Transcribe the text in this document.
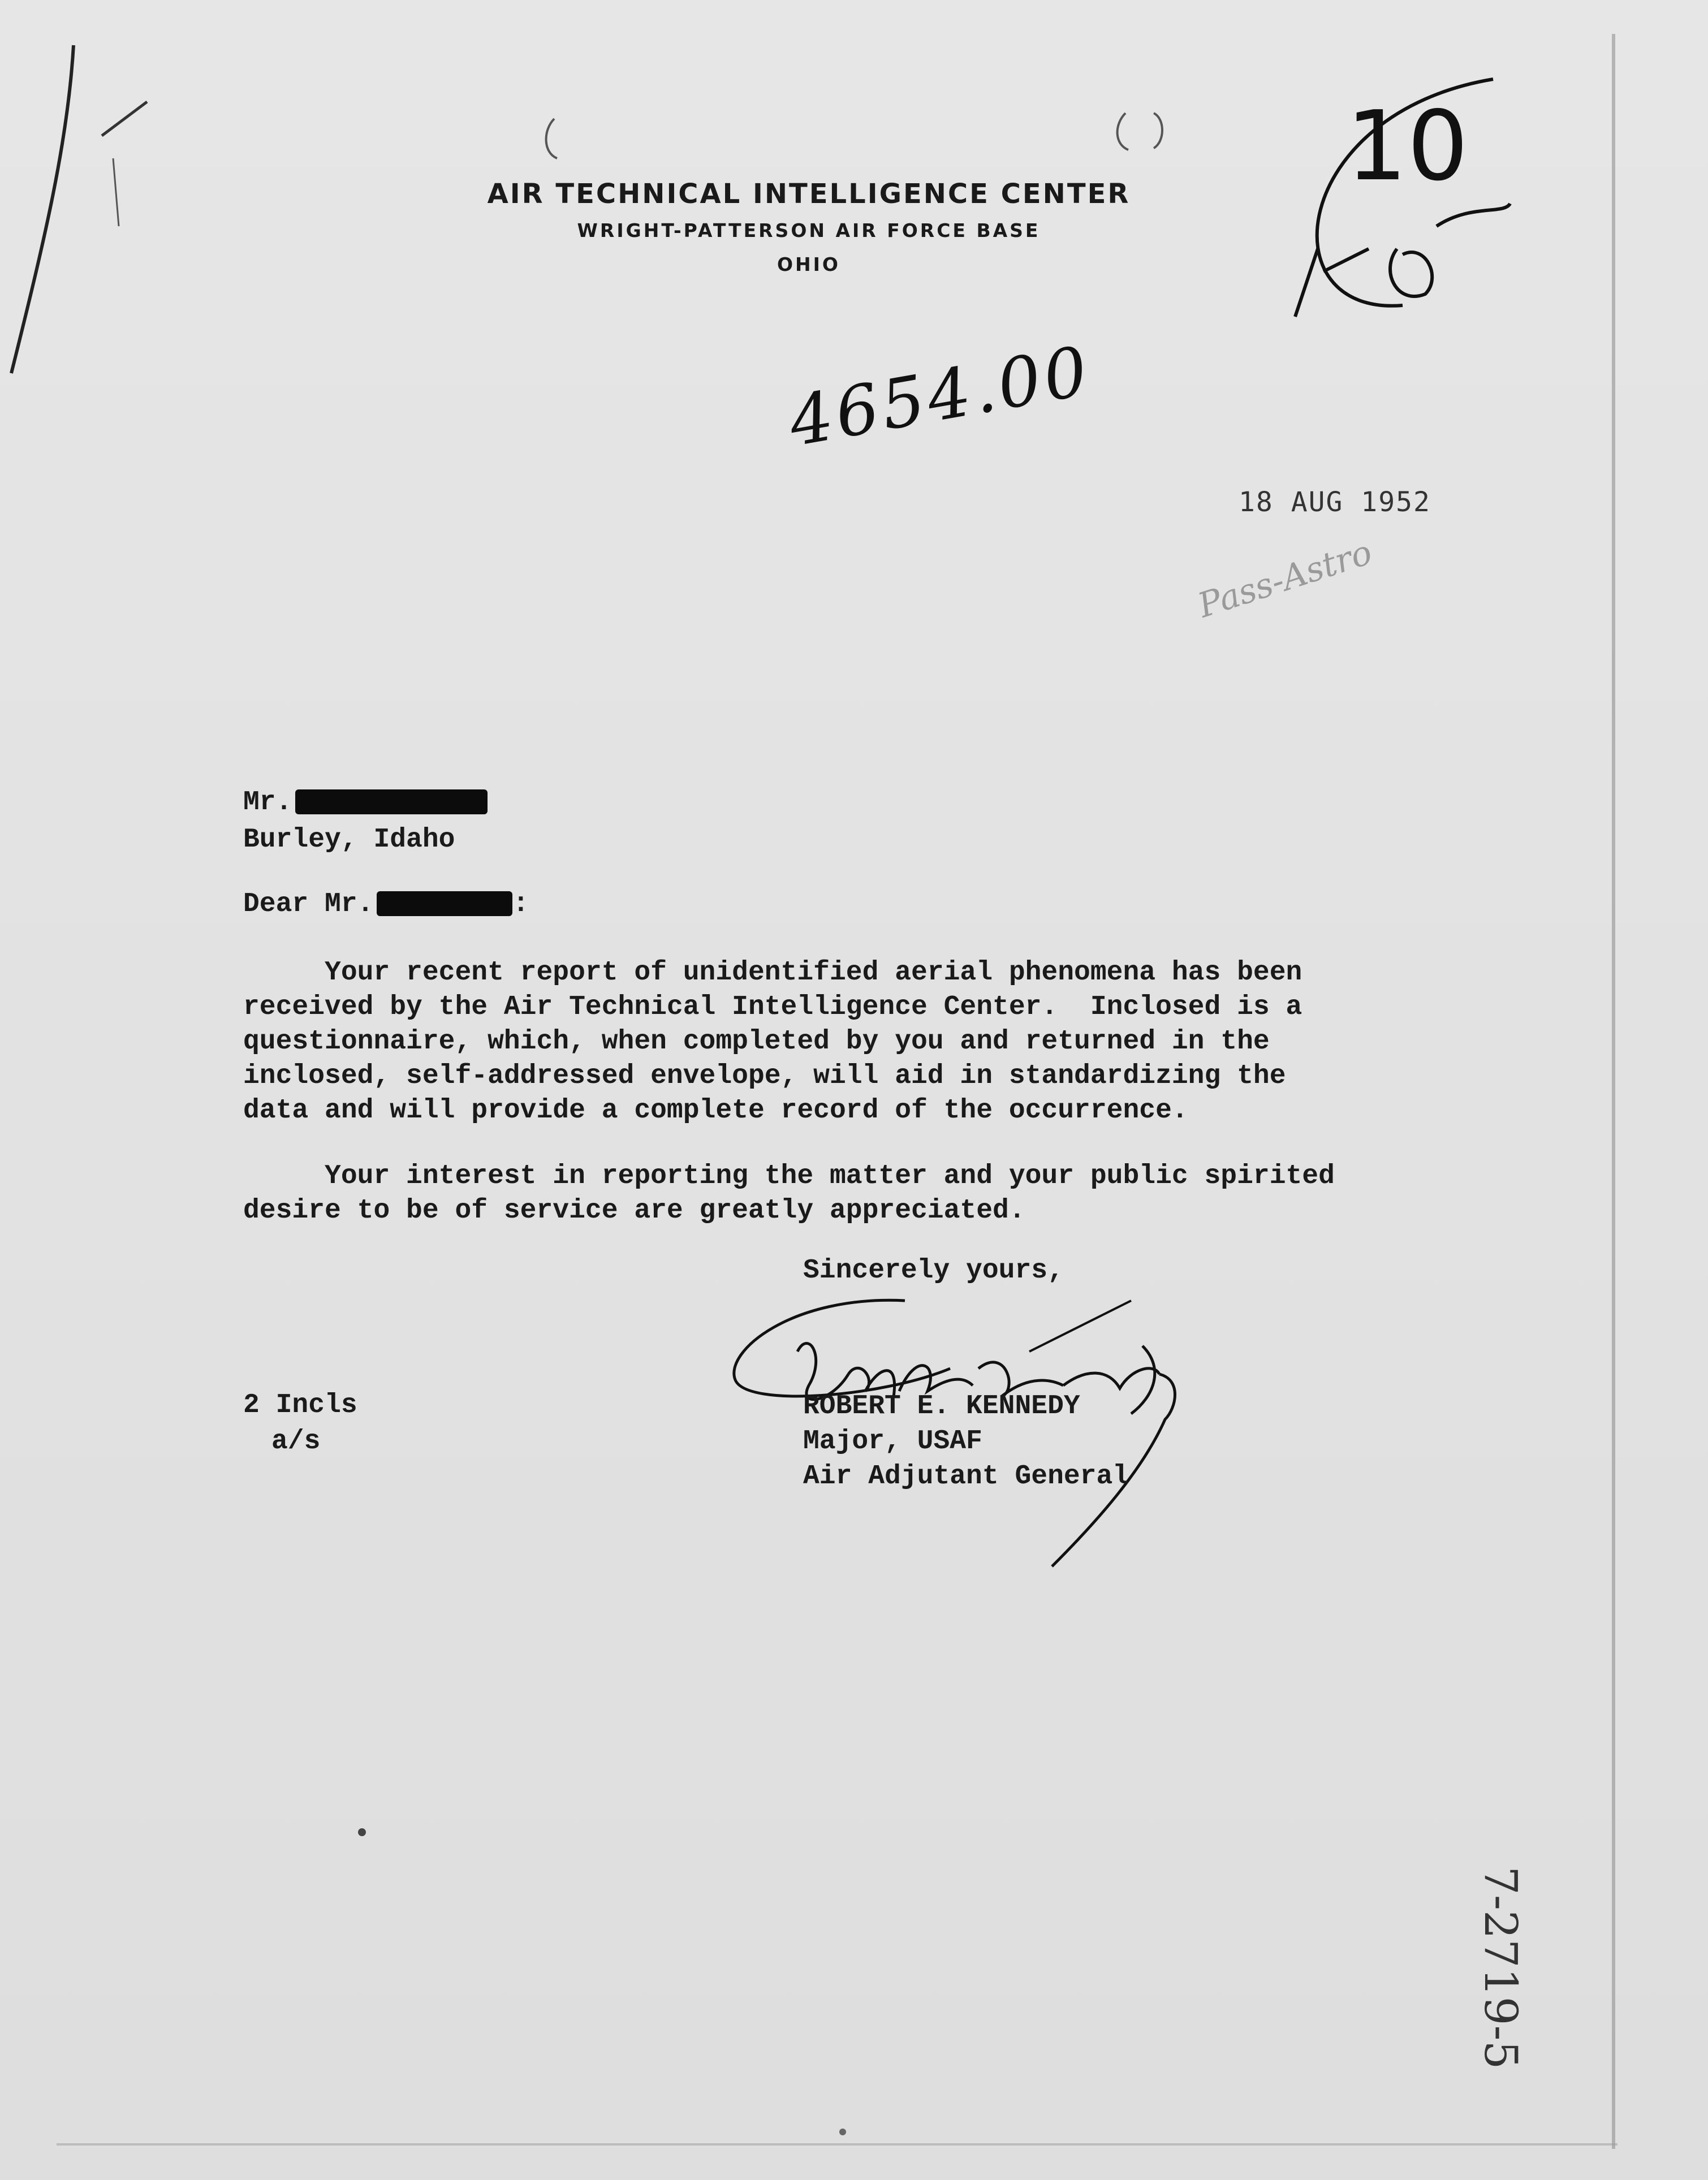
AIR TECHNICAL INTELLIGENCE CENTER
WRIGHT-PATTERSON AIR FORCE BASE
OHIO
4654.00
10
Pass-Astro
7-2719-5
18 AUG 1952
Mr.
Burley, Idaho
Dear Mr.	:
Your recent report of unidentified aerial phenomena has been
received by the Air Technical Intelligence Center.  Inclosed is a
questionnaire, which, when completed by you and returned in the
inclosed, self-addressed envelope, will aid in standardizing the
data and will provide a complete record of the occurrence.
Your interest in reporting the matter and your public spirited
desire to be of service are greatly appreciated.
Sincerely yours,
ROBERT E. KENNEDY
Major, USAF
Air Adjutant General
2 Incls
a/s
